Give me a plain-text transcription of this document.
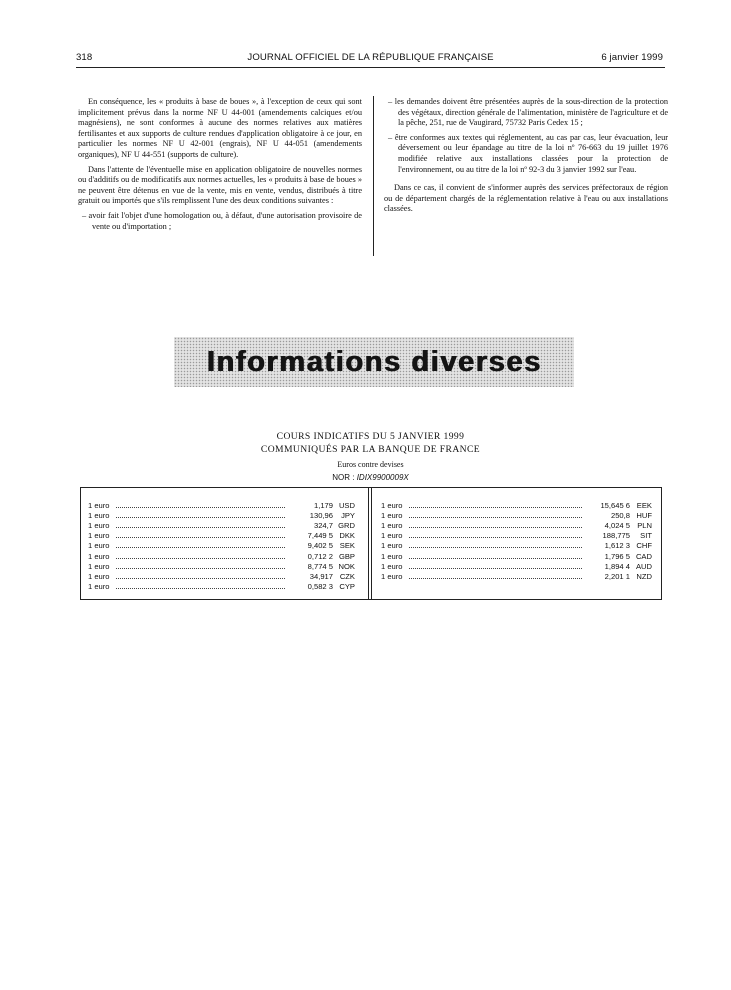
318	JOURNAL OFFICIEL DE LA RÉPUBLIQUE FRANÇAISE	6 janvier 1999

En conséquence, les « produits à base de boues », à l'exception de ceux qui sont implicitement prévus dans la norme NF U 44-001 (amendements calciques et/ou magnésiens), ne sont conformes à aucune des normes relatives aux matières fertilisantes et aux supports de culture rendues d'application obligatoire à ce jour, en particulier les normes NF U 42-001 (engrais), NF U 44-051 (amendements organiques), NF U 44-551 (supports de culture).

Dans l'attente de l'éventuelle mise en application obligatoire de nouvelles normes ou d'additifs ou de modificatifs aux normes actuelles, les « produits à base de boues » ne peuvent être détenus en vue de la vente, mis en vente, vendus, distribués à titre gratuit ou importés que s'ils remplissent l'une des deux conditions suivantes :

– avoir fait l'objet d'une homologation ou, à défaut, d'une autorisation provisoire de vente ou d'importation ;
– les demandes doivent être présentées auprès de la sous-direction de la protection des végétaux, direction générale de l'alimentation, ministère de l'agriculture et de la pêche, 251, rue de Vaugirard, 75732 Paris Cedex 15 ;
– être conformes aux textes qui réglementent, au cas par cas, leur évacuation, leur déversement ou leur épandage au titre de la loi nº 76-663 du 19 juillet 1976 modifiée relative aux installations classées pour la protection de l'environnement, ou au titre de la loi nº 92-3 du 3 janvier 1992 sur l'eau.

Dans ce cas, il convient de s'informer auprès des services préfectoraux de région ou de département chargés de la réglementation relative à l'eau ou aux installations classées.

Informations diverses
COURS INDICATIFS DU 5 JANVIER 1999
COMMUNIQUÉS PAR LA BANQUE DE FRANCE
Euros contre devises
NOR : IDIX9900009X
1 euro	1,179 USD
1 euro	130,96	JPY
1 euro	324,7 GRD
1 euro	7,449 5 DKK
1 euro	9,402 5 SEK
1 euro	0,712 2 GBP
1 euro	8,774 5 NOK
1 euro	34,917 CZK
1 euro	0,582 3 CYP
1 euro	15,645 6 EEK
1 euro	250,8 HUF
1 euro	4,024 5 PLN
1 euro	188,775	SIT
1 euro	1,612 3 CHF
1 euro	1,796 5 CAD
1 euro	1,894 4 AUD
1 euro	2,201 1 NZD
